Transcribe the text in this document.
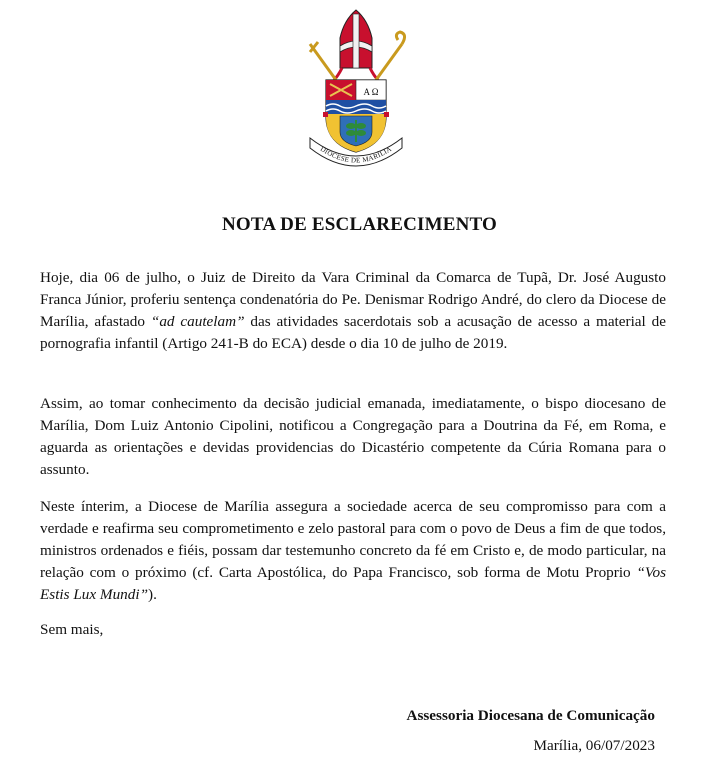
A Ω
DIOCESE DE MARÍLIA
NOTA DE ESCLARECIMENTO

Hoje, dia 06 de julho, o Juiz de Direito da Vara Criminal da Comarca de Tupã, Dr. José Augusto Franca Júnior, proferiu sentença condenatória do Pe. Denismar Rodrigo André, do clero da Diocese de Marília, afastado “ad cautelam” das atividades sacerdotais sob a acusação de acesso a material de pornografia infantil (Artigo 241-B do ECA) desde o dia 10 de julho de 2019.

Assim, ao tomar conhecimento da decisão judicial emanada, imediatamente, o bispo diocesano de Marília, Dom Luiz Antonio Cipolini, notificou a Congregação para a Doutrina da Fé, em Roma, e aguarda as orientações e devidas providencias do Dicastério competente da Cúria Romana para o assunto.

Neste ínterim, a Diocese de Marília assegura a sociedade acerca de seu compromisso para com a verdade e reafirma seu comprometimento e zelo pastoral para com o povo de Deus a fim de que todos, ministros ordenados e fiéis, possam dar testemunho concreto da fé em Cristo e, de modo particular, na relação com o próximo (cf. Carta Apostólica, do Papa Francisco, sob forma de Motu Proprio “Vos Estis Lux Mundi”).

Sem mais,
Assessoria Diocesana de Comunicação
Marília, 06/07/2023
